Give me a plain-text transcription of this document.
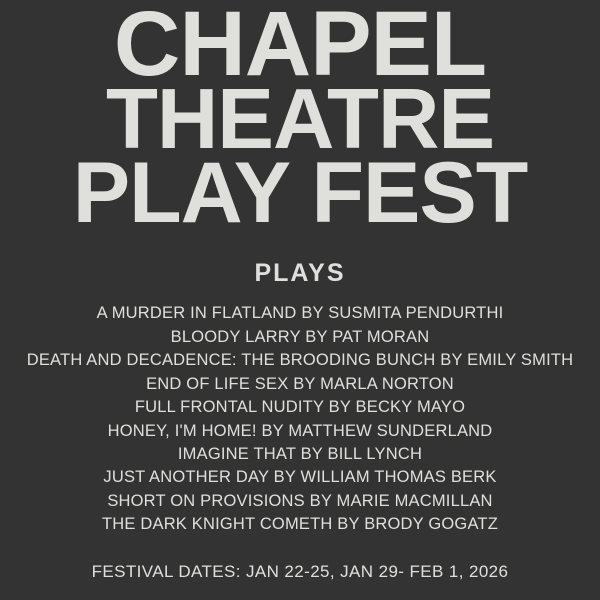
CHAPEL
THEATRE
PLAY FEST
PLAYS
A MURDER IN FLATLAND BY SUSMITA PENDURTHI
BLOODY LARRY BY PAT MORAN
DEATH AND DECADENCE: THE BROODING BUNCH BY EMILY SMITH
END OF LIFE SEX BY MARLA NORTON
FULL FRONTAL NUDITY BY BECKY MAYO
HONEY, I'M HOME! BY MATTHEW SUNDERLAND
IMAGINE THAT BY BILL LYNCH
JUST ANOTHER DAY BY WILLIAM THOMAS BERK
SHORT ON PROVISIONS BY MARIE MACMILLAN
THE DARK KNIGHT COMETH BY BRODY GOGATZ
FESTIVAL DATES: JAN 22-25, JAN 29- FEB 1, 2026
